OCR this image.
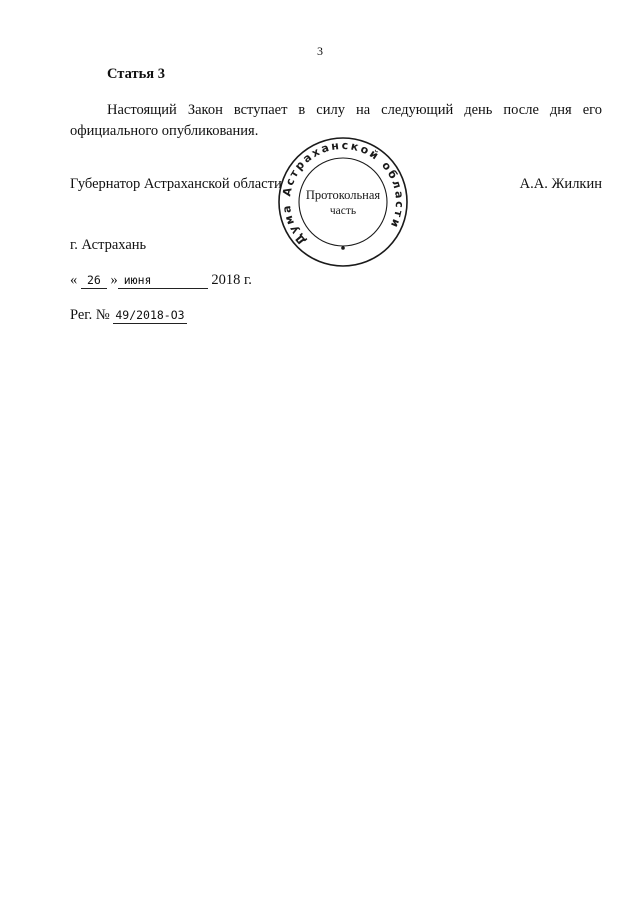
3
Статья 3

Настоящий Закон вступает в силу на следующий день после дня его официального опубликования.

Губернатор Астраханской области	А.А. Жилкин
Дума Астраханской области
Протокольная
часть
г. Астрахань
« 26 » июня	2018 г.
Рег. № 49/2018-ОЗ
